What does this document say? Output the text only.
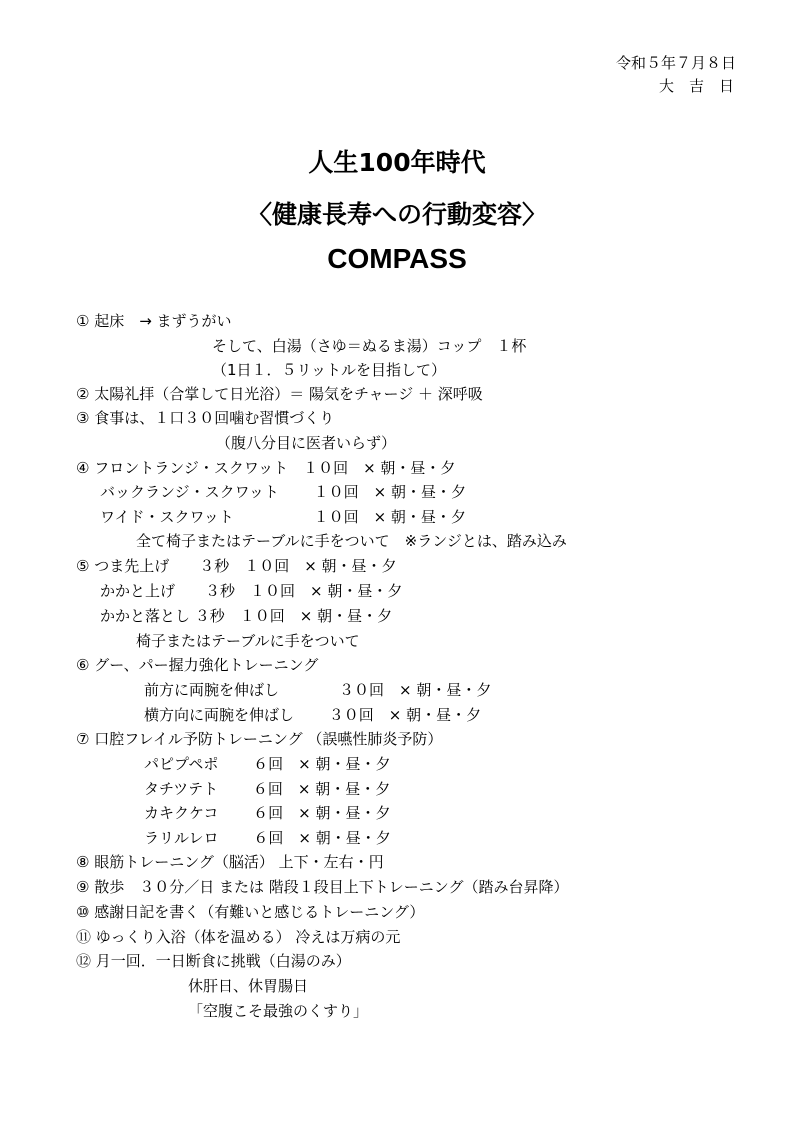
令和５年７月８日
大　吉　日
人生100年時代
〈健康長寿への行動変容〉
COMPASS
① 起床　→ まずうがい
そして、白湯（さゆ＝ぬるま湯）コップ　１杯
（1日１．５リットルを目指して）
② 太陽礼拝（合掌して日光浴）＝ 陽気をチャージ ＋ 深呼吸
③ 食事は、１口３０回噛む習慣づくり
（腹八分目に医者いらず）
④ フロントランジ・スクワット　１０回　× 朝・昼・夕
バックランジ・スクワット　　 １０回　× 朝・昼・夕
ワイド・スクワット　　　　　 １０回　× 朝・昼・夕
全て椅子またはテーブルに手をついて　※ランジとは、踏み込み
⑤ つま先上げ　　３秒　１０回　× 朝・昼・夕
かかと上げ　　３秒　１０回　× 朝・昼・夕
かかと落とし ３秒　１０回　× 朝・昼・夕
椅子またはテーブルに手をついて
⑥ グー、パー握力強化トレーニング
前方に両腕を伸ばし　　　　３０回　× 朝・昼・夕
横方向に両腕を伸ばし　　 ３０回　× 朝・昼・夕
⑦ 口腔フレイル予防トレーニング （誤嚥性肺炎予防）
パピプペポ　　 ６回　× 朝・昼・夕
タチツテト　　 ６回　× 朝・昼・夕
カキクケコ　　 ６回　× 朝・昼・夕
ラリルレロ　　 ６回　× 朝・昼・夕
⑧ 眼筋トレーニング（脳活） 上下・左右・円
⑨ 散歩　３０分／日 または 階段１段目上下トレーニング（踏み台昇降）
⑩ 感謝日記を書く（有難いと感じるトレーニング）
⑪ ゆっくり入浴（体を温める） 冷えは万病の元
⑫ 月一回．一日断食に挑戦（白湯のみ）
休肝日、休胃腸日
「空腹こそ最強のくすり」
